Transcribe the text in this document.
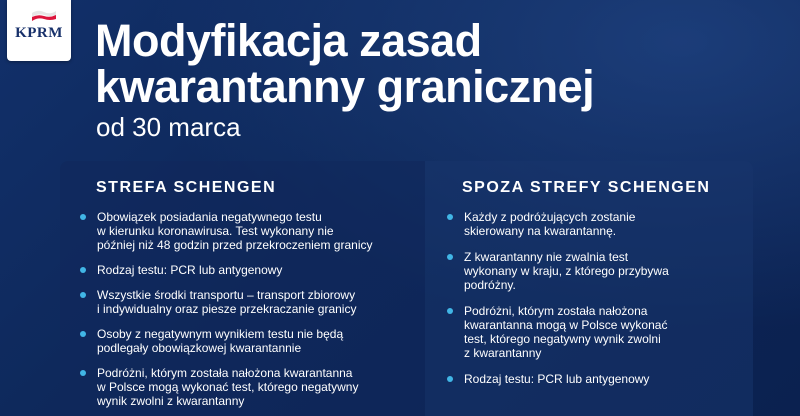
KPRM Modyfikacja zasad
kwarantanny granicznej

od 30 marca

STREFA SCHENGEN
Obowiązek posiadania negatywnego testu
w kierunku koronawirusa. Test wykonany nie
później niż 48 godzin przed przekroczeniem granicy
Rodzaj testu: PCR lub antygenowy
Wszystkie środki transportu – transport zbiorowy
i indywidualny oraz piesze przekraczanie granicy
Osoby z negatywnym wynikiem testu nie będą
podlegały obowiązkowej kwarantannie
Podróżni, którym została nałożona kwarantanna
w Polsce mogą wykonać test, którego negatywny
wynik zwolni z kwarantanny
SPOZA STREFY SCHENGEN
Każdy z podróżujących zostanie
skierowany na kwarantannę.
Z kwarantanny nie zwalnia test
wykonany w kraju, z którego przybywa
podróżny.
Podróżni, którym została nałożona
kwarantanna mogą w Polsce wykonać
test, którego negatywny wynik zwolni
z kwarantanny
Rodzaj testu: PCR lub antygenowy
